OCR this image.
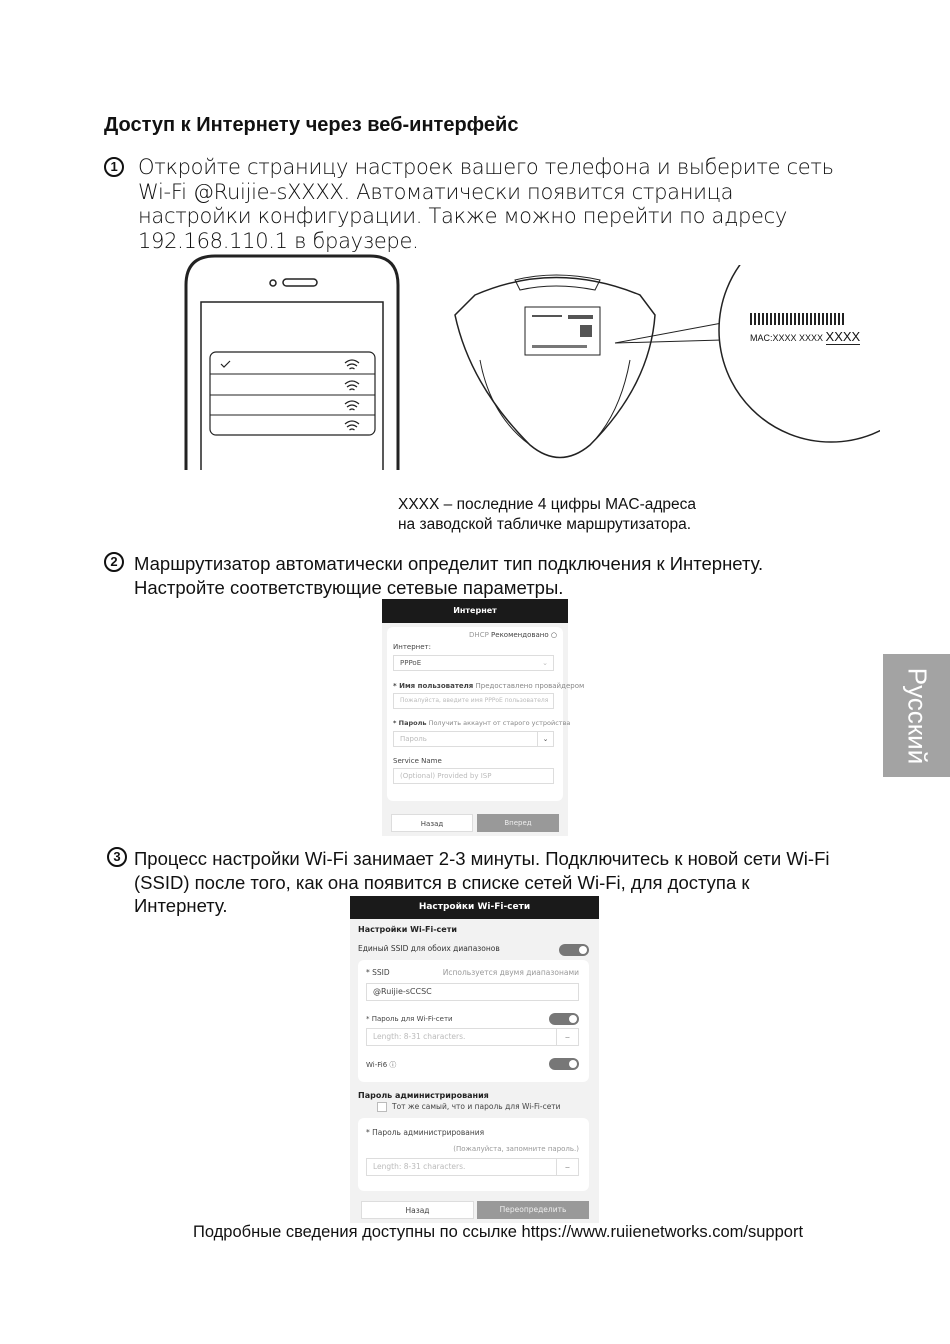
Доступ к Интернету через веб-интерфейс
1 Откройте страницу настроек вашего телефона и выберите сеть Wi-Fi @Ruijie-sXXXX. Автоматически появится страница настройки конфигурации. Также можно перейти по адресу 192.168.110.1 в браузере.
MAC:XXXX XXXX XXXX
XXXX – последние 4 цифры MAC-адреса
на заводской табличке маршрутизатора.
2 Маршрутизатор автоматически определит тип подключения к Интернету. Настройте соответствующие сетевые параметры.
Интернет
DHCP Рекомендовано ○
Интернет:
PPPoE	⌄
* Имя пользователя Предоставлено провайдером
Пожалуйста, введите имя PPPoE пользователя
* Пароль Получить аккаунт от старого устройства
Пароль	⌄
Service Name
(Optional) Provided by ISP
Назад	Вперед
Русский
3 Процесс настройки Wi-Fi занимает 2-3 минуты. Подключитесь к новой сети Wi-Fi (SSID) после того, как она появится в списке сетей Wi-Fi, для доступа к Интернету.	Настройки Wi-Fi-сети
Настройки Wi-Fi-сети
Единый SSID для обоих диапазонов
* SSID	Используется двумя диапазонами
@Ruijie-sCCSC
* Пароль для Wi-Fi-сети
Length: 8-31 characters.	⌣
Wi-Fi6 ⓘ
Пароль администрирования
Тот же самый, что и пароль для Wi-Fi-сети
* Пароль администрирования
(Пожалуйста, запомните пароль.)
Length: 8-31 characters.	⌣
Назад	Переопределить
Подробные сведения доступны по ссылке https://www.ruiienetworks.com/support
